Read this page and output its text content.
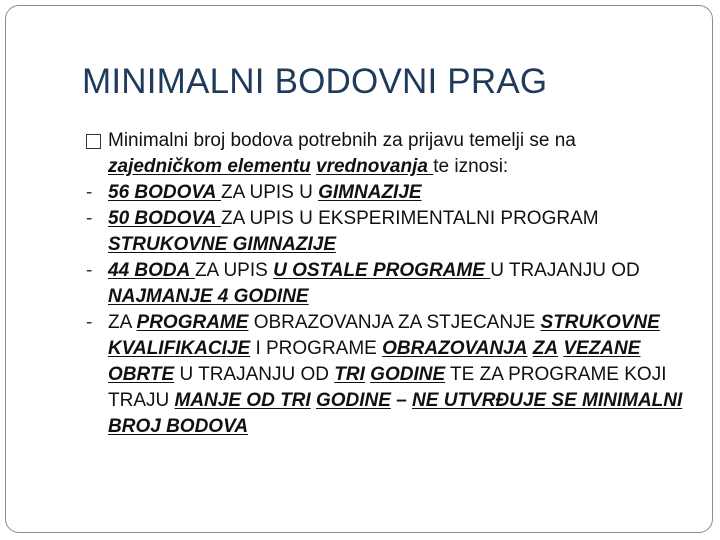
MINIMALNI BODOVNI PRAG
Minimalni broj bodova potrebnih za prijavu temelji se na zajedničkom elementu vrednovanja te iznosi:
- 56 BODOVA ZA UPIS U GIMNAZIJE
- 50 BODOVA ZA UPIS U EKSPERIMENTALNI PROGRAM STRUKOVNE GIMNAZIJE
- 44 BODA ZA UPIS U OSTALE PROGRAME U TRAJANJU OD NAJMANJE 4 GODINE
- ZA PROGRAME OBRAZOVANJA ZA STJECANJE STRUKOVNE KVALIFIKACIJE I PROGRAME OBRAZOVANJA ZA VEZANE OBRTE U TRAJANJU OD TRI GODINE TE ZA PROGRAME KOJI TRAJU MANJE OD TRI GODINE – NE UTVRĐUJE SE MINIMALNI BROJ BODOVA
